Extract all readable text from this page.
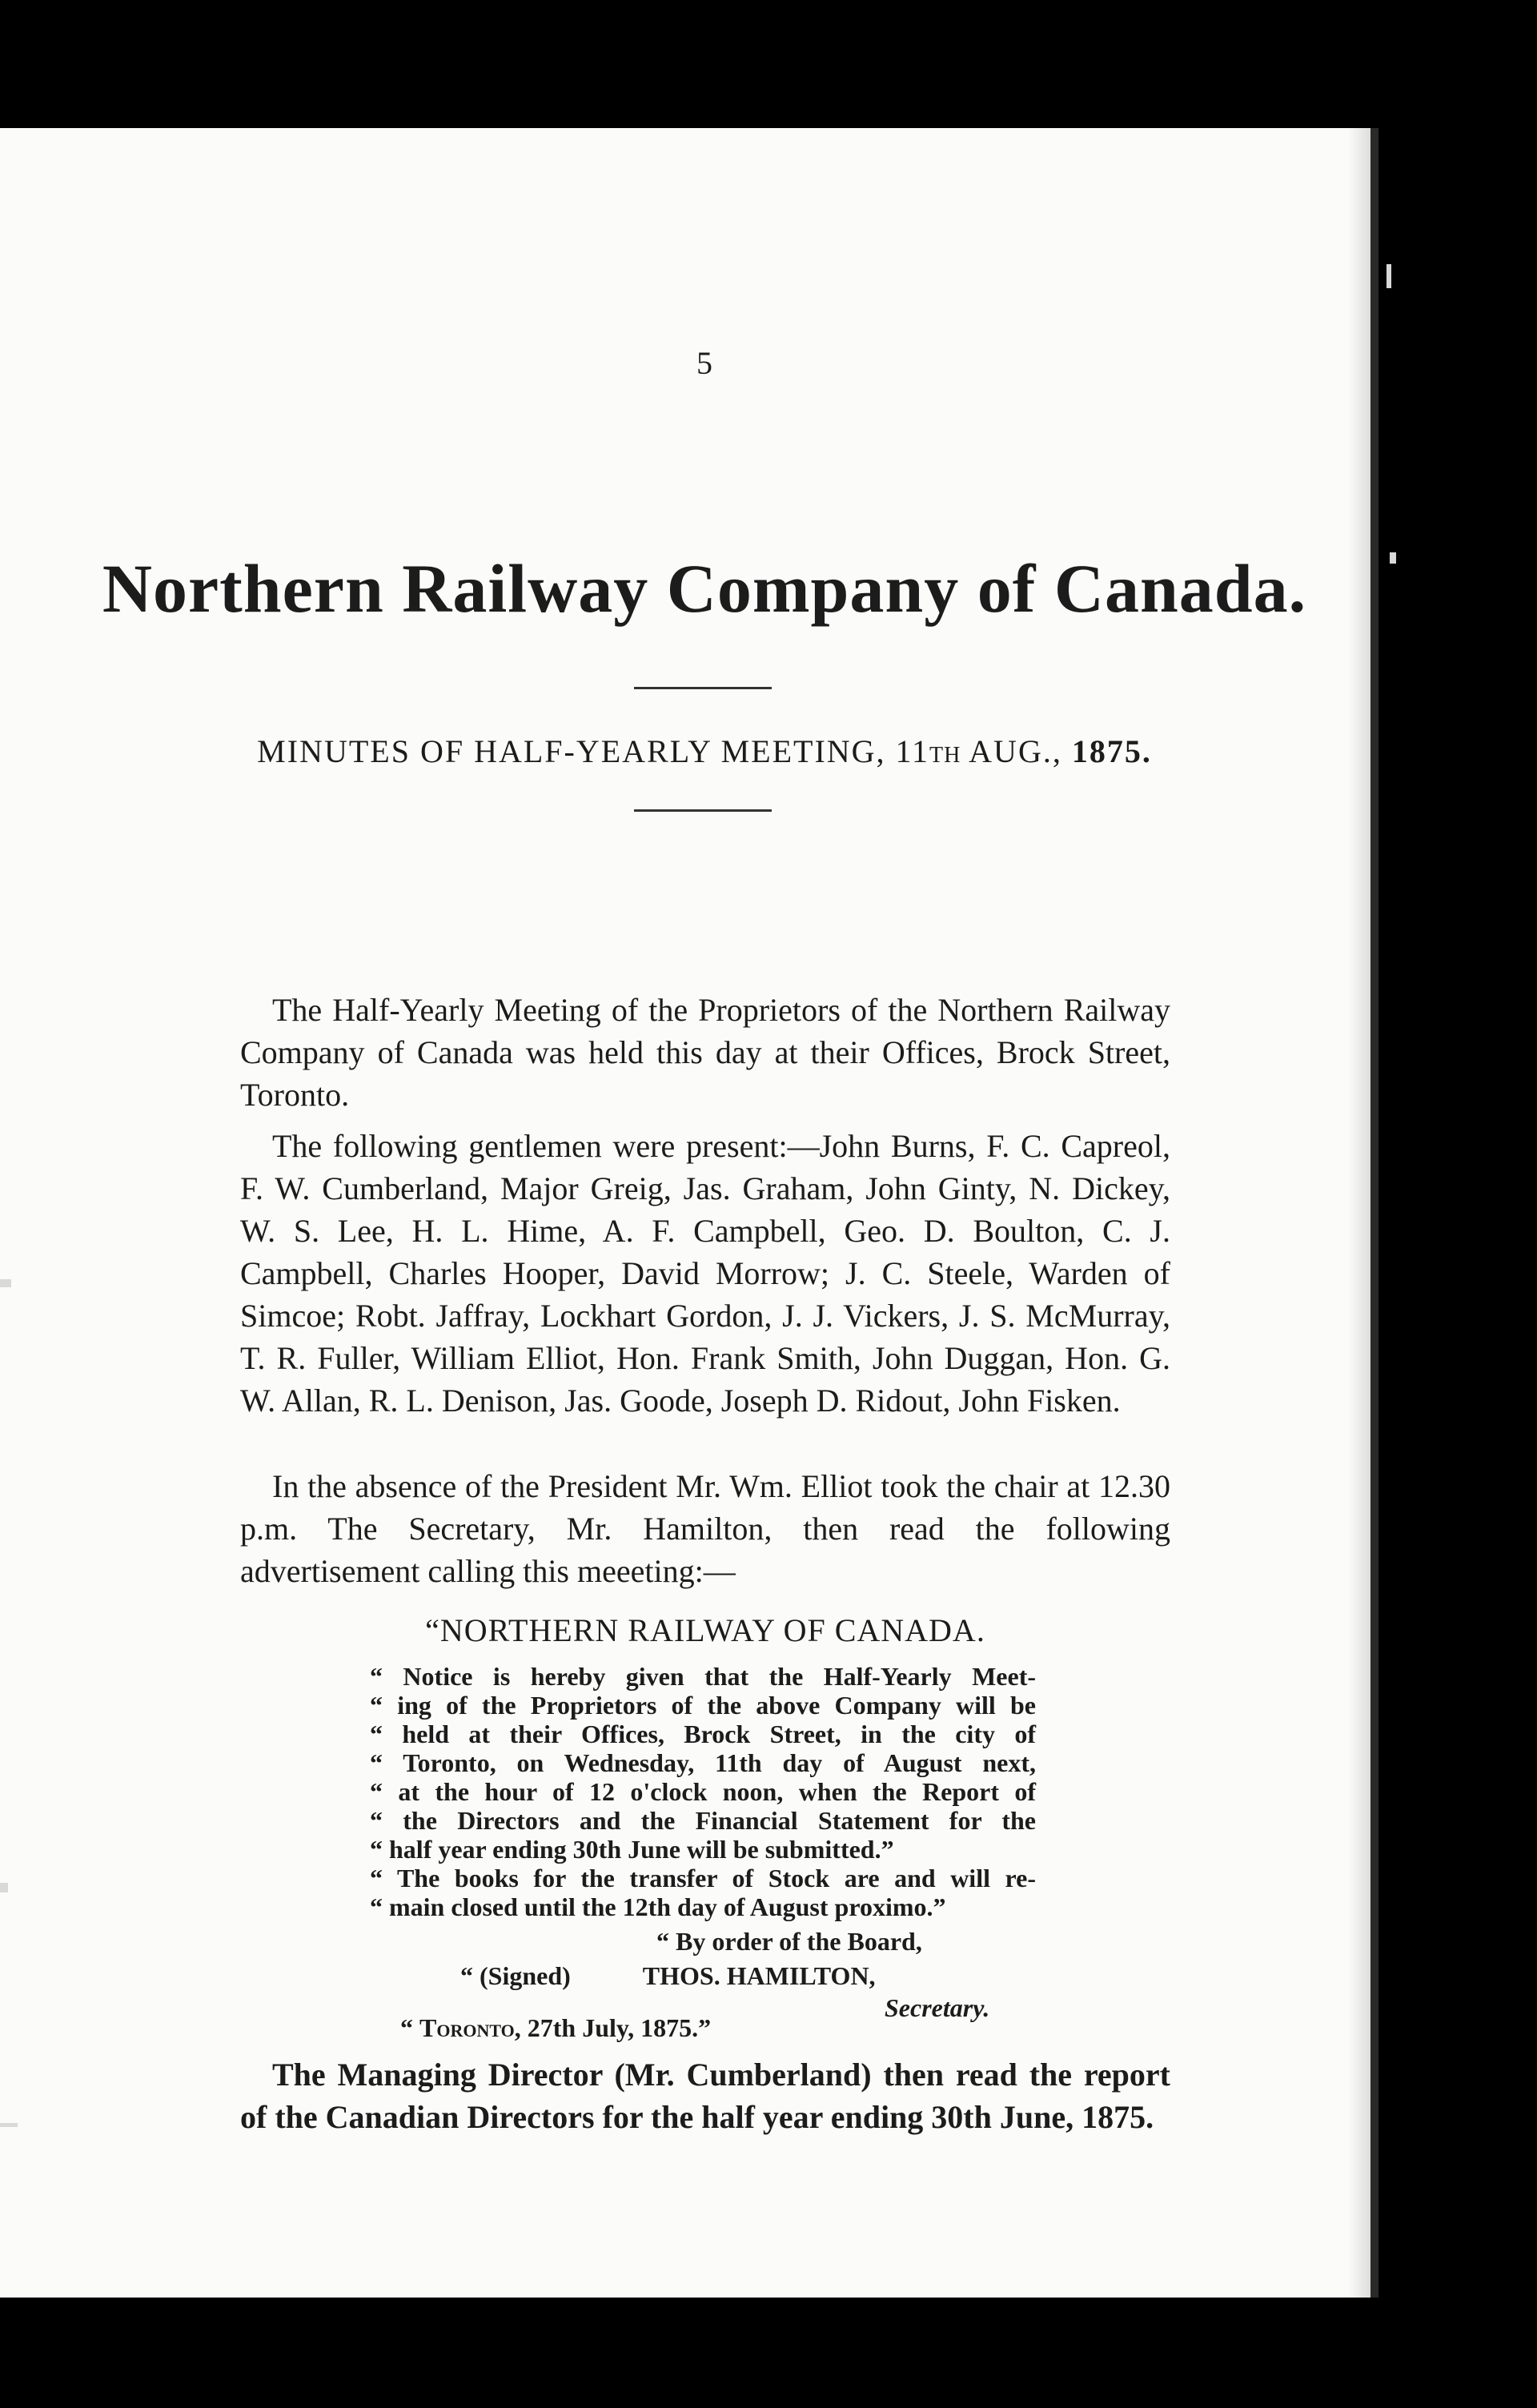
5
Northern Railway Company of Canada.
MINUTES OF HALF-YEARLY MEETING, 11TH AUG., 1875.

The Half-Yearly Meeting of the Proprietors of the Northern Railway Company of Canada was held this day at their Offices, Brock Street, Toronto.

The following gentlemen were present:—John Burns, F. C. Capreol, F. W. Cumberland, Major Greig, Jas. Graham, John Ginty, N. Dickey, W. S. Lee, H. L. Hime, A. F. Campbell, Geo. D. Boulton, C. J. Campbell, Charles Hooper, David Morrow; J. C. Steele, Warden of Simcoe; Robt. Jaffray, Lockhart Gordon, J. J. Vickers, J. S. McMurray, T. R. Fuller, William Elliot, Hon. Frank Smith, John Duggan, Hon. G. W. Allan, R. L. Denison, Jas. Goode, Joseph D. Ridout, John Fisken.

In the absence of the President Mr. Wm. Elliot took the chair at 12.30 p.m. The Secretary, Mr. Hamilton, then read the following advertisement calling this meeeting:—

“NORTHERN RAILWAY OF CANADA.
“ Notice is hereby given that the Half-Yearly Meet-
“ ing of the Proprietors of the above Company will be
“ held at their Offices, Brock Street, in the city of
“ Toronto, on Wednesday, 11th day of August next,
“ at the hour of 12 o'clock noon, when the Report of
“ the Directors and the Financial Statement for the
“ half year ending 30th June will be submitted.”
“ The books for the transfer of Stock are and will re-
“ main closed until the 12th day of August proximo.”
“ By order of the Board,
“ (Signed)	THOS. HAMILTON,
Secretary.
“ Toronto, 27th July, 1875.”

The Managing Director (Mr. Cumberland) then read the report of the Canadian Directors for the half year ending 30th June, 1875.
